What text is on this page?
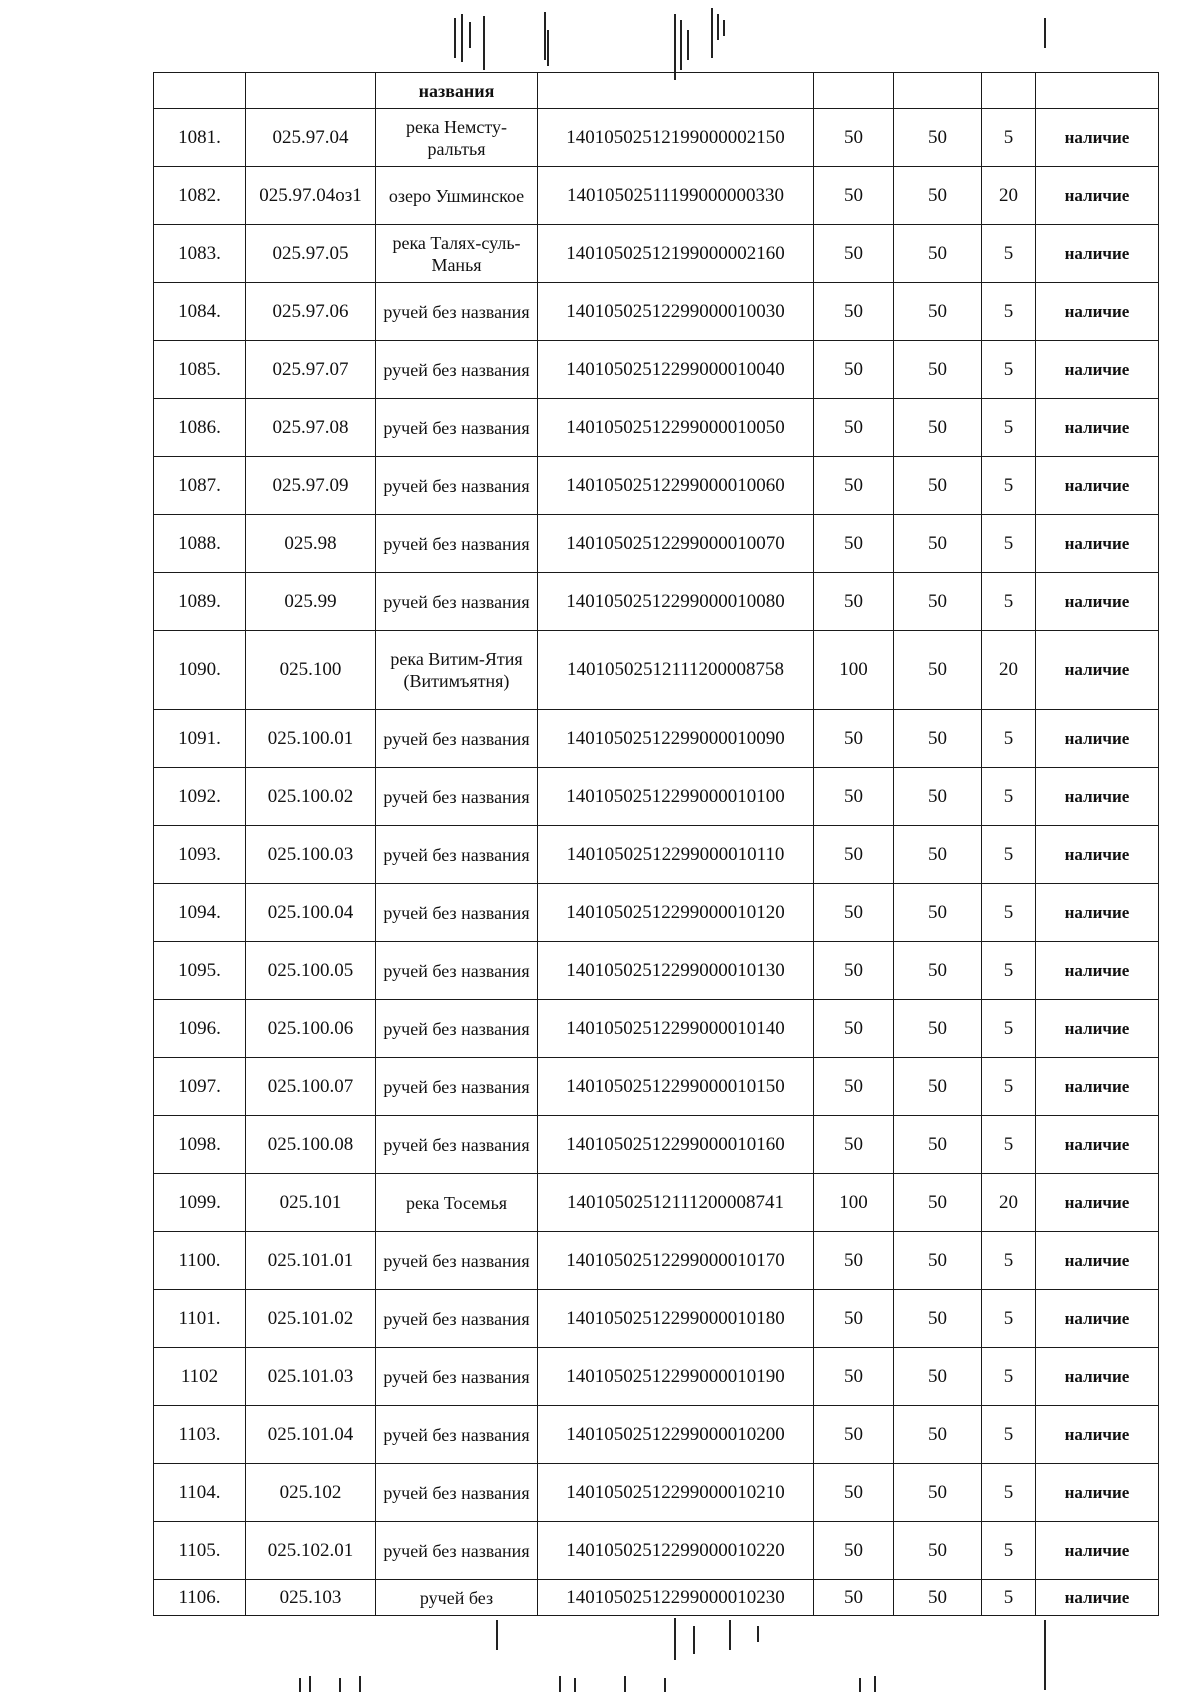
		названия					
1081.	025.97.04	река Немсту-ральтья	14010502512199000002150	50	50	5	наличие
1082.	025.97.04оз1	озеро Ушминское	14010502511199000000330	50	50	20	наличие
1083.	025.97.05	река Талях-суль-Манья	14010502512199000002160	50	50	5	наличие
1084.	025.97.06	ручей без названия	14010502512299000010030	50	50	5	наличие
1085.	025.97.07	ручей без названия	14010502512299000010040	50	50	5	наличие
1086.	025.97.08	ручей без названия	14010502512299000010050	50	50	5	наличие
1087.	025.97.09	ручей без названия	14010502512299000010060	50	50	5	наличие
1088.	025.98	ручей без названия	14010502512299000010070	50	50	5	наличие
1089.	025.99	ручей без названия	14010502512299000010080	50	50	5	наличие
1090.	025.100	река Витим-Ятия (Витимъятня)	14010502512111200008758	100	50	20	наличие
1091.	025.100.01	ручей без названия	14010502512299000010090	50	50	5	наличие
1092.	025.100.02	ручей без названия	14010502512299000010100	50	50	5	наличие
1093.	025.100.03	ручей без названия	14010502512299000010110	50	50	5	наличие
1094.	025.100.04	ручей без названия	14010502512299000010120	50	50	5	наличие
1095.	025.100.05	ручей без названия	14010502512299000010130	50	50	5	наличие
1096.	025.100.06	ручей без названия	14010502512299000010140	50	50	5	наличие
1097.	025.100.07	ручей без названия	14010502512299000010150	50	50	5	наличие
1098.	025.100.08	ручей без названия	14010502512299000010160	50	50	5	наличие
1099.	025.101	река Тосемья	14010502512111200008741	100	50	20	наличие
1100.	025.101.01	ручей без названия	14010502512299000010170	50	50	5	наличие
1101.	025.101.02	ручей без названия	14010502512299000010180	50	50	5	наличие
1102	025.101.03	ручей без названия	14010502512299000010190	50	50	5	наличие
1103.	025.101.04	ручей без названия	14010502512299000010200	50	50	5	наличие
1104.	025.102	ручей без названия	14010502512299000010210	50	50	5	наличие
1105.	025.102.01	ручей без названия	14010502512299000010220	50	50	5	наличие
1106.	025.103	ручей без	14010502512299000010230	50	50	5	наличие
